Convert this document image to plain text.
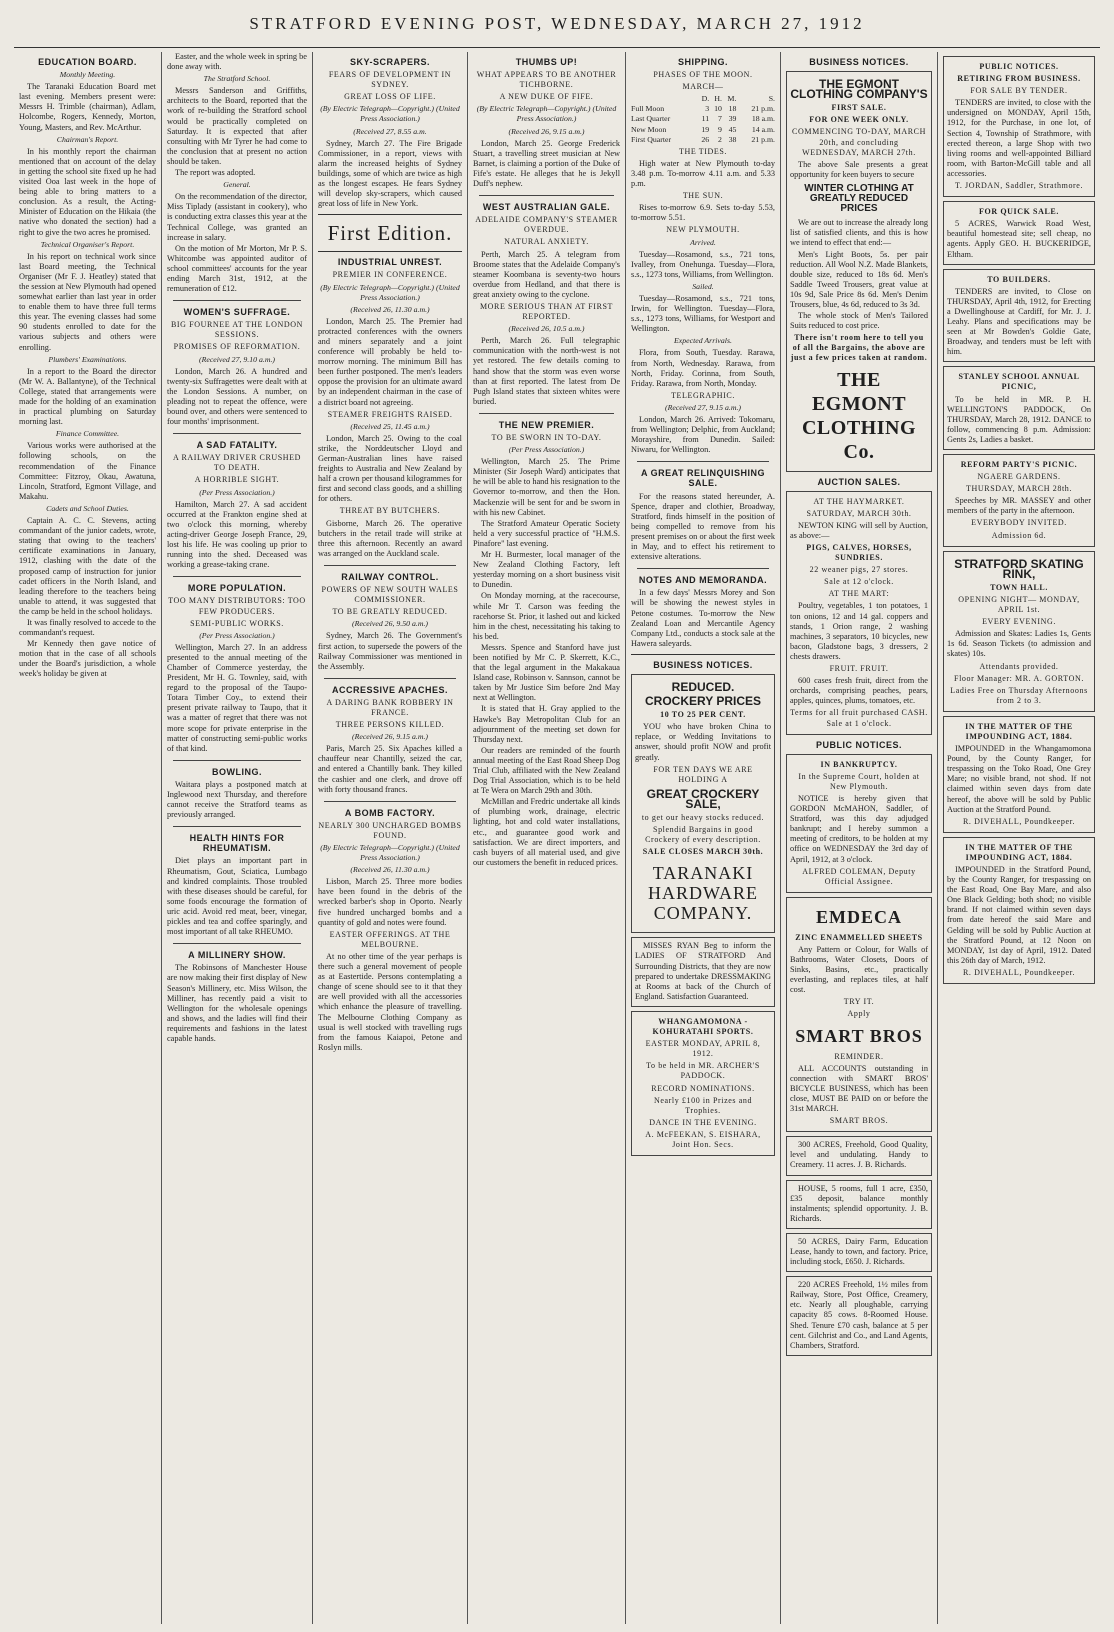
STRATFORD EVENING POST, WEDNESDAY, MARCH 27, 1912
EDUCATION BOARD.
Monthly Meeting.

The Taranaki Education Board met last evening. Members present were: Messrs H. Trimble (chairman), Adlam, Holcombe, Rogers, Kennedy, Morton, Young, Masters, and Rev. McArthur.

Chairman's Report.

In his monthly report the chairman mentioned that on account of the delay in getting the school site fixed up he had visited Ooa last week in the hope of being able to bring matters to a conclusion. As a result, the Acting-Minister of Education on the Hikaia (the native who donated the section) had a right to give the two acres he promised.

Technical Organiser's Report.

In his report on technical work since last Board meeting, the Technical Organiser (Mr F. J. Heatley) stated that the session at New Plymouth had opened somewhat earlier than last year in order to enable them to have three full terms this year. The evening classes had some 90 students enrolled to date for the various subjects and others were enrolling.

Plumbers' Examinations.

In a report to the Board the director (Mr W. A. Ballantyne), of the Technical College, stated that arrangements were made for the holding of an examination in practical plumbing on Saturday morning last.

Finance Committee.

Various works were authorised at the following schools, on the recommendation of the Finance Committee: Fitzroy, Okau, Awatuna, Lincoln, Stratford, Egmont Village, and Makahu.

Cadets and School Duties.

Captain A. C. C. Stevens, acting commandant of the junior cadets, wrote, stating that owing to the teachers' certificate examinations in January, 1912, clashing with the date of the proposed camp of instruction for junior cadet officers in the North Island, and leading therefore to the teachers being unable to attend, it was suggested that the camp be held in the school holidays.

It was finally resolved to accede to the commandant's request.

Mr Kennedy then gave notice of motion that in the case of all schools under the Board's jurisdiction, a whole week's holiday be given at

Easter, and the whole week in spring be done away with.

The Stratford School.

Messrs Sanderson and Griffiths, architects to the Board, reported that the work of re-building the Stratford school would be practically completed on Saturday. It is expected that after consulting with Mr Tyrer he had come to the conclusion that at present no action should be taken.

The report was adopted.

General.

On the recommendation of the director, Miss Tiplady (assistant in cookery), who is conducting extra classes this year at the Technical College, was granted an increase in salary.

On the motion of Mr Morton, Mr P. S. Whitcombe was appointed auditor of school committees' accounts for the year ending March 31st, 1912, at the remuneration of £12.

WOMEN'S SUFFRAGE.
BIG FOURNEE AT THE LONDON SESSIONS.
PROMISES OF REFORMATION.
(Received 27, 9.10 a.m.)

London, March 26. A hundred and twenty-six Suffragettes were dealt with at the London Sessions. A number, on pleading not to repeat the offence, were bound over, and others were sentenced to four months' imprisonment.

A SAD FATALITY.
A RAILWAY DRIVER CRUSHED TO DEATH.
A HORRIBLE SIGHT.
(Per Press Association.)

Hamilton, March 27. A sad accident occurred at the Frankton engine shed at two o'clock this morning, whereby acting-driver George Joseph France, 29, lost his life. He was cooling up prior to running into the shed. Deceased was working a grease-taking crane.

MORE POPULATION.
TOO MANY DISTRIBUTORS: TOO FEW PRODUCERS.
SEMI-PUBLIC WORKS.
(Per Press Association.)

Wellington, March 27. In an address presented to the annual meeting of the Chamber of Commerce yesterday, the President, Mr H. G. Townley, said, with regard to the proposal of the Taupo-Totara Timber Coy., to extend their present private railway to Taupo, that it was a matter of regret that there was not more scope for private enterprise in the matter of constructing semi-public works of that kind.

BOWLING.

Waitara plays a postponed match at Inglewood next Thursday, and therefore cannot receive the Stratford teams as previously arranged.

HEALTH HINTS FOR RHEUMATISM.

Diet plays an important part in Rheumatism, Gout, Sciatica, Lumbago and kindred complaints. Those troubled with these diseases should be careful, for some foods encourage the formation of uric acid. Avoid red meat, beer, vinegar, pickles and tea and coffee sparingly, and most important of all take RHEUMO.

A MILLINERY SHOW.

The Robinsons of Manchester House are now making their first display of New Season's Millinery, etc. Miss Wilson, the Milliner, has recently paid a visit to Wellington for the wholesale openings and shows, and the ladies will find their requirements and fashions in the latest capable hands.

SKY-SCRAPERS.
FEARS OF DEVELOPMENT IN SYDNEY.
GREAT LOSS OF LIFE.
(By Electric Telegraph—Copyright.) (United Press Association.)
(Received 27, 8.55 a.m.

Sydney, March 27. The Fire Brigade Commissioner, in a report, views with alarm the increased heights of Sydney buildings, some of which are twice as high as the longest escapes. He fears Sydney will develop sky-scrapers, which caused great loss of life in New York.

First Edition.
INDUSTRIAL UNREST.
PREMIER IN CONFERENCE.
(By Electric Telegraph—Copyright.) (United Press Association.)
(Received 26, 11.30 a.m.)

London, March 25. The Premier had protracted conferences with the owners and miners separately and a joint conference will probably be held to-morrow morning. The minimum Bill has been further postponed. The men's leaders oppose the provision for an ultimate award by an independent chairman in the case of a district board not agreeing.

STEAMER FREIGHTS RAISED.
(Received 25, 11.45 a.m.)

London, March 25. Owing to the coal strike, the Norddeutscher Lloyd and German-Australian lines have raised freights to Australia and New Zealand by half a crown per thousand kilogrammes for first and second class goods, and a shilling for others.

THREAT BY BUTCHERS.

Gisborne, March 26. The operative butchers in the retail trade will strike at three this afternoon. Recently an award was arranged on the Auckland scale.

RAILWAY CONTROL.
POWERS OF NEW SOUTH WALES COMMISSIONER.
TO BE GREATLY REDUCED.
(Received 26, 9.50 a.m.)

Sydney, March 26. The Government's first action, to supersede the powers of the Railway Commissioner was mentioned in the Assembly.

ACCRESSIVE APACHES.
A DARING BANK ROBBERY IN FRANCE.
THREE PERSONS KILLED.
(Received 26, 9.15 a.m.)

Paris, March 25. Six Apaches killed a chauffeur near Chantilly, seized the car, and entered a Chantilly bank. They killed the cashier and one clerk, and drove off with forty thousand francs.

A BOMB FACTORY.
NEARLY 300 UNCHARGED BOMBS FOUND.
(By Electric Telegraph—Copyright.) (United Press Association.)
(Received 26, 11.30 a.m.)

Lisbon, March 25. Three more bodies have been found in the debris of the wrecked barber's shop in Oporto. Nearly five hundred uncharged bombs and a quantity of gold and notes were found.

EASTER OFFERINGS. AT THE MELBOURNE.

At no other time of the year perhaps is there such a general movement of people as at Eastertide. Persons contemplating a change of scene should see to it that they are well provided with all the accessories which enhance the pleasure of travelling. The Melbourne Clothing Company as usual is well stocked with travelling rugs from the famous Kaiapoi, Petone and Roslyn mills.

THUMBS UP!
WHAT APPEARS TO BE ANOTHER TICHBORNE.
A NEW DUKE OF FIFE.
(By Electric Telegraph—Copyright.) (United Press Association.)
(Received 26, 9.15 a.m.)

London, March 25. George Frederick Stuart, a travelling street musician at New Barnet, is claiming a portion of the Duke of Fife's estate. He alleges that he is Jekyll Duff's nephew.

WEST AUSTRALIAN GALE.
ADELAIDE COMPANY'S STEAMER OVERDUE.
NATURAL ANXIETY.

Perth, March 25. A telegram from Broome states that the Adelaide Company's steamer Koombana is seventy-two hours overdue from Hedland, and that there is great anxiety owing to the cyclone.

MORE SERIOUS THAN AT FIRST REPORTED.
(Received 26, 10.5 a.m.)

Perth, March 26. Full telegraphic communication with the north-west is not yet restored. The few details coming to hand show that the storm was even worse than at first reported. The latest from De Pugh Island states that sixteen whites were buried.

THE NEW PREMIER.
TO BE SWORN IN TO-DAY.
(Per Press Association.)

Wellington, March 25. The Prime Minister (Sir Joseph Ward) anticipates that he will be able to hand his resignation to the Governor to-morrow, and then the Hon. Mackenzie will be sent for and be sworn in with his new Cabinet.

The Stratford Amateur Operatic Society held a very successful practice of "H.M.S. Pinafore" last evening.

Mr H. Burmester, local manager of the New Zealand Clothing Factory, left yesterday morning on a short business visit to Dunedin.

On Monday morning, at the racecourse, while Mr T. Carson was feeding the racehorse St. Prior, it lashed out and kicked him in the chest, necessitating his taking to his bed.

Messrs. Spence and Stanford have just been notified by Mr C. P. Skerrett, K.C., that the legal argument in the Makakaua Island case, Robinson v. Sannson, cannot be taken by Mr Justice Sim before 2nd May next at Wellington.

It is stated that H. Gray applied to the Hawke's Bay Metropolitan Club for an adjournment of the meeting set down for Thursday next.

Our readers are reminded of the fourth annual meeting of the East Road Sheep Dog Trial Club, affiliated with the New Zealand Dog Trial Association, which is to be held at Te Wera on March 29th and 30th.

McMillan and Fredric undertake all kinds of plumbing work, drainage, electric lighting, hot and cold water installations, etc., and guarantee good work and satisfaction. We are direct importers, and cash buyers of all material used, and give our customers the benefit in reduced prices.

SHIPPING.
PHASES OF THE MOON.
MARCH—
	D.	H.	M.	S.
Full Moon	3	10	18	21 p.m.
Last Quarter	11	7	39	18 a.m.
New Moon	19	9	45	14 a.m.
First Quarter	26	2	38	21 p.m.
THE TIDES.

High water at New Plymouth to-day 3.48 p.m. To-morrow 4.11 a.m. and 5.33 p.m.

THE SUN.

Rises to-morrow 6.9. Sets to-day 5.53, to-morrow 5.51.

NEW PLYMOUTH.
Arrived.

Tuesday—Rosamond, s.s., 721 tons, Ivalley, from Onehunga. Tuesday—Flora, s.s., 1273 tons, Williams, from Wellington.

Sailed.

Tuesday—Rosamond, s.s., 721 tons, Irwin, for Wellington. Tuesday—Flora, s.s., 1273 tons, Williams, for Westport and Wellington.

Expected Arrivals.

Flora, from South, Tuesday. Rarawa, from North, Wednesday. Rarawa, from North, Friday. Corinna, from South, Friday. Rarawa, from North, Monday.

TELEGRAPHIC.
(Received 27, 9.15 a.m.)

London, March 26. Arrived: Tokomaru, from Wellington; Delphic, from Auckland; Morayshire, from Dunedin. Sailed: Niwaru, for Wellington.

A GREAT RELINQUISHING SALE.

For the reasons stated hereunder, A. Spence, draper and clothier, Broadway, Stratford, finds himself in the position of being compelled to remove from his present premises on or about the first week in May, and to effect his retirement to extensive alterations.

NOTES AND MEMORANDA.

In a few days' Messrs Morey and Son will be showing the newest styles in Petone costumes. To-morrow the New Zealand Loan and Mercantile Agency Company Ltd., conducts a stock sale at the Hawera saleyards.

BUSINESS NOTICES.
REDUCED.
CROCKERY PRICES
10 TO 25 PER CENT.

YOU who have broken China to replace, or Wedding Invitations to answer, should profit NOW and profit greatly.

FOR TEN DAYS WE ARE HOLDING A
GREAT CROCKERY SALE,
to get our heavy stocks reduced.
Splendid Bargains in good Crockery of every description.
SALE CLOSES MARCH 30th.
TARANAKI HARDWARE COMPANY.

MISSES RYAN Beg to inform the LADIES OF STRATFORD And Surrounding Districts, that they are now prepared to undertake DRESSMAKING at Rooms at back of the Church of England. Satisfaction Guaranteed.

WHANGAMOMONA - KOHURATAHI SPORTS.
EASTER MONDAY, APRIL 8, 1912.
To be held in MR. ARCHER'S PADDOCK.
RECORD NOMINATIONS.
Nearly £100 in Prizes and Trophies.
DANCE IN THE EVENING.
A. McFEEKAN, S. EISHARA, Joint Hon. Secs.
BUSINESS NOTICES.
THE EGMONT CLOTHING COMPANY'S
FIRST SALE.
FOR ONE WEEK ONLY.
COMMENCING TO-DAY, MARCH 20th, and concluding WEDNESDAY, MARCH 27th.

The above Sale presents a great opportunity for keen buyers to secure

WINTER CLOTHING AT GREATLY REDUCED PRICES

We are out to increase the already long list of satisfied clients, and this is how we intend to effect that end:—

Men's Light Boots, 5s. per pair reduction. All Wool N.Z. Made Blankets, double size, reduced to 18s 6d. Men's Saddle Tweed Trousers, great value at 10s 9d, Sale Price 8s 6d. Men's Denim Trousers, blue, 4s 6d, reduced to 3s 3d.

The whole stock of Men's Tailored Suits reduced to cost price.

There isn't room here to tell you of all the Bargains, the above are just a few prices taken at random.
THE EGMONT CLOTHING Co.
AUCTION SALES.
AT THE HAYMARKET.
SATURDAY, MARCH 30th.

NEWTON KING will sell by Auction, as above:—

PIGS, CALVES, HORSES, SUNDRIES.
22 weaner pigs, 27 stores.
Sale at 12 o'clock.
AT THE MART:

Poultry, vegetables, 1 ton potatoes, 1 ton onions, 12 and 14 gal. coppers and stands, 1 Orion range, 2 washing machines, 3 separators, 10 bicycles, new bacon, Gladstone bags, 3 dressers, 2 chests drawers.

FRUIT. FRUIT.

600 cases fresh fruit, direct from the orchards, comprising peaches, pears, apples, quinces, plums, tomatoes, etc.

Terms for all fruit purchased CASH. Sale at 1 o'clock.
PUBLIC NOTICES.
IN BANKRUPTCY.
In the Supreme Court, holden at New Plymouth.

NOTICE is hereby given that GORDON McMAHON, Saddler, of Stratford, was this day adjudged bankrupt; and I hereby summon a meeting of creditors, to be holden at my office on WEDNESDAY the 3rd day of April, 1912, at 3 o'clock.

ALFRED COLEMAN, Deputy Official Assignee.
EMDECA
ZINC ENAMMELLED SHEETS

Any Pattern or Colour, for Walls of Bathrooms, Water Closets, Doors of Sinks, Basins, etc., practically everlasting, and replaces tiles, at half cost.

TRY IT.
Apply
SMART BROS
REMINDER.

ALL ACCOUNTS outstanding in connection with SMART BROS' BICYCLE BUSINESS, which has been close, MUST BE PAID on or before the 31st MARCH.

SMART BROS.

300 ACRES, Freehold, Good Quality, level and undulating. Handy to Creamery. 11 acres. J. B. Richards.

HOUSE, 5 rooms, full 1 acre, £350, £35 deposit, balance monthly instalments; splendid opportunity. J. B. Richards.

50 ACRES, Dairy Farm, Education Lease, handy to town, and factory. Price, including stock, £650. J. Richards.

220 ACRES Freehold, 1½ miles from Railway, Store, Post Office, Creamery, etc. Nearly all ploughable, carrying capacity 85 cows. 8-Roomed House. Shed. Tenure £70 cash, balance at 5 per cent. Gilchrist and Co., and Land Agents, Chambers, Stratford.

PUBLIC NOTICES.
RETIRING FROM BUSINESS.
FOR SALE BY TENDER.

TENDERS are invited, to close with the undersigned on MONDAY, April 15th, 1912, for the Purchase, in one lot, of Section 4, Township of Strathmore, with erected thereon, a large Shop with two living rooms and well-appointed Billiard room, with Barton-McGill table and all accessories.

T. JORDAN, Saddler, Strathmore.
FOR QUICK SALE.

5 ACRES, Warwick Road West, beautiful homestead site; sell cheap, no agents. Apply GEO. H. BUCKERIDGE, Eltham.

TO BUILDERS.

TENDERS are invited, to Close on THURSDAY, April 4th, 1912, for Erecting a Dwellinghouse at Cardiff, for Mr. J. J. Leahy. Plans and specifications may be seen at Mr Bowden's Goldie Gate, Broadway, and tenders must be left with him.

STANLEY SCHOOL ANNUAL PICNIC,

To be held in MR. P. H. WELLINGTON'S PADDOCK, On THURSDAY, March 28, 1912. DANCE to follow, commencing 8 p.m. Admission: Gents 2s, Ladies a basket.

REFORM PARTY'S PICNIC.
NGAERE GARDENS.
THURSDAY, MARCH 28th.

Speeches by MR. MASSEY and other members of the party in the afternoon.

EVERYBODY INVITED.
Admission 6d.
STRATFORD SKATING RINK,
TOWN HALL.
OPENING NIGHT— MONDAY, APRIL 1st.
EVERY EVENING.

Admission and Skates: Ladies 1s, Gents 1s 6d. Season Tickets (to admission and skates) 10s.

Attendants provided.
Floor Manager: MR. A. GORTON.
Ladies Free on Thursday Afternoons from 2 to 3.
IN THE MATTER OF THE IMPOUNDING ACT, 1884.

IMPOUNDED in the Whangamomona Pound, by the County Ranger, for trespassing on the Toko Road, One Grey Mare; no visible brand, not shod. If not claimed within seven days from date hereof, the above will be sold by Public Auction at the Stratford Pound.

R. DIVEHALL, Poundkeeper.
IN THE MATTER OF THE IMPOUNDING ACT, 1884.

IMPOUNDED in the Stratford Pound, by the County Ranger, for trespassing on the East Road, One Bay Mare, and also One Black Gelding; both shod; no visible brand. If not claimed within seven days from date hereof the said Mare and Gelding will be sold by Public Auction at the Stratford Pound, at 12 Noon on MONDAY, 1st day of April, 1912. Dated this 26th day of March, 1912.

R. DIVEHALL, Poundkeeper.
